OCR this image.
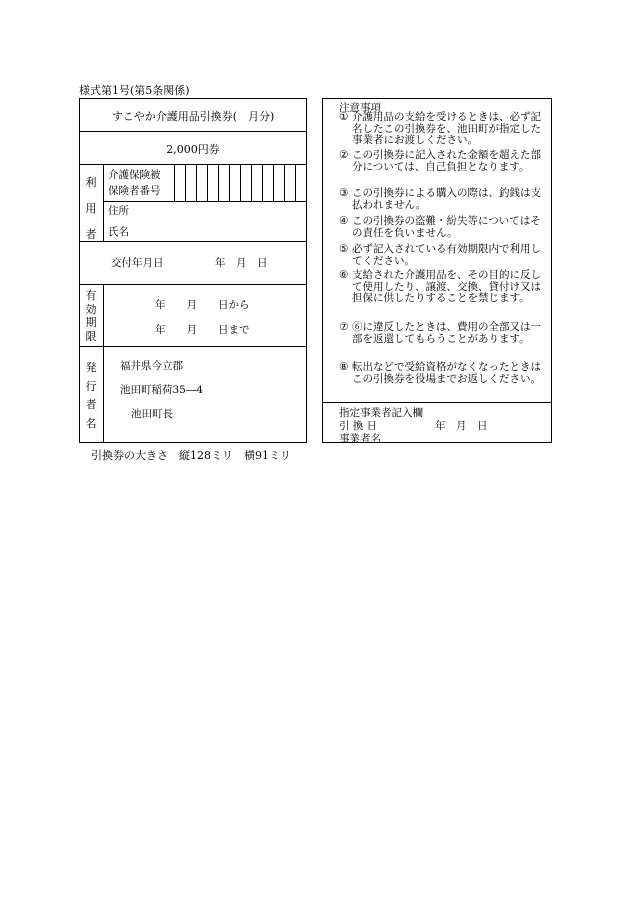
様式第1号(第5条関係)
すこやか介護用品引換券(　月分)
2,000円券
利
用
者
介護保険被
保険者番号
住所
氏名
交付年月日	年　月　日
有
効
期
限
年　　月　　日から
年　　月　　日まで
発
行
者
名
福井県今立郡
池田町稲荷35―4
池田町長
引換券の大きさ　縦128ミリ　横91ミリ
注意事項
① 介護用品の支給を受けるときは、必ず記名したこの引換券を、池田町が指定した事業者にお渡しください。
② この引換券に記入された金額を超えた部分については、自己負担となります。
③ この引換券による購入の際は、釣銭は支払われません。
④ この引換券の盗難・紛失等についてはその責任を負いません。
⑤ 必ず記入されている有効期限内で利用してください。
⑥ 支給された介護用品を、その目的に反して使用したり、譲渡、交換、貸付け又は担保に供したりすることを禁じます。
⑦ ⑥に違反したときは、費用の全部又は一部を返還してもらうことがあります。
⑧ 転出などで受給資格がなくなったときはこの引換券を役場までお返しください。
指定事業者記入欄
引 換 日	年　月　日
事業者名
